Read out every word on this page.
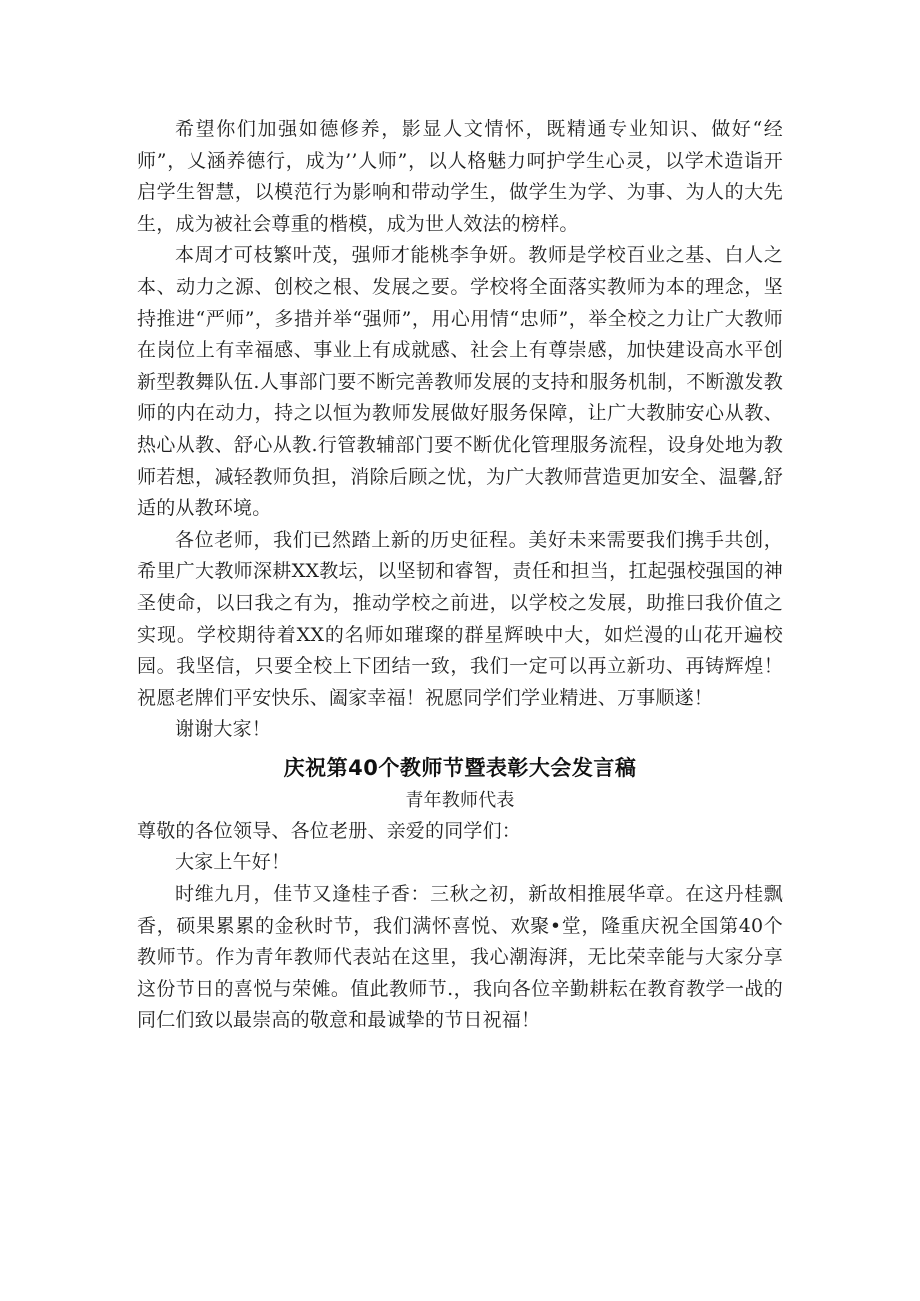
希望你们加强如德修养，影显人文情怀，既精通专业知识、做好“经师”，乂涵养德行，成为’’人师”，以人格魅力呵护学生心灵，以学术造诣开启学生智慧，以模范行为影响和带动学生，做学生为学、为事、为人的大先生，成为被社会尊重的楷模，成为世人效法的榜样。

本周才可枝繁叶茂，强师才能桃李争妍。教师是学校百业之基、白人之本、动力之源、创校之根、发展之要。学校将全面落实教师为本的理念，坚持推进“严师”，多措并举“强师”，用心用情“忠师”，举全校之力让广大教师在岗位上有幸福感、事业上有成就感、社会上有尊崇感，加快建设高水平创新型教舞队伍.人事部门要不断完善教师发展的支持和服务机制，不断激发教师的内在动力，持之以恒为教师发展做好服务保障，让广大教肺安心从教、热心从教、舒心从教.行管教辅部门要不断优化管理服务流程，设身处地为教师若想，减轻教师负担，消除后顾之忧，为广大教师营造更加安全、温馨,舒适的从教环境。

各位老师，我们已然踏上新的历史征程。美好未来需要我们携手共创，希里广大教师深耕XX教坛，以坚韧和睿智，责任和担当，扛起强校强国的神圣使命，以曰我之有为，推动学校之前进，以学校之发展，助推曰我价值之实现。学校期待着XX的名师如璀璨的群星辉映中大，如烂漫的山花开遍校园。我坚信，只要全校上下团结一致，我们一定可以再立新功、再铸辉煌！祝愿老牌们平安快乐、阖家幸福！祝愿同学们学业精进、万事顺遂！

谢谢大家！

庆祝第40个教师节暨表彰大会发言稿

青年教师代表

尊敬的各位领导、各位老册、亲爱的同学们：

大家上午好！

时维九月，佳节又逢桂子香：三秋之初，新故相推展华章。在这丹桂飘香，硕果累累的金秋时节，我们满怀喜悦、欢聚•堂，隆重庆祝全国第40个教师节。作为青年教师代表站在这里，我心潮海湃，无比荣幸能与大家分享这份节日的喜悦与荣傩。值此教师节.，我向各位辛勤耕耘在教育教学一战的同仁们致以最崇高的敬意和最诚挚的节日祝福！
